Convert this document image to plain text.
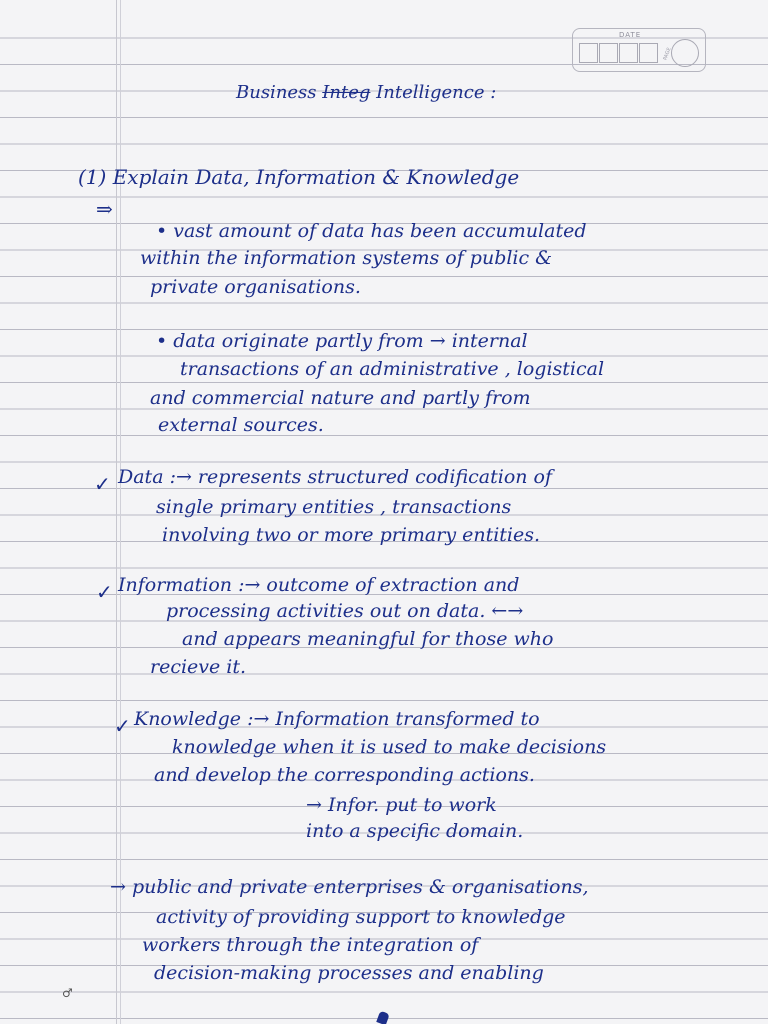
DATE
PAGE
Business Integ Intelligence :
(1) Explain Data, Information & Knowledge
⇒
• vast amount of data has been accumulated
within the information systems of public &
private organisations.
• data originate partly from → internal
transactions of an administrative , logistical
and commercial nature and partly from
external sources.
✓ Data :→ represents structured codification of
single primary entities , transactions
involving two or more primary entities.
✓ Information :→ outcome of extraction and
processing activities out on data. ←→
and appears meaningful for those who
recieve it.
✓ Knowledge :→ Information transformed to
knowledge when it is used to make decisions
and develop the corresponding actions.
→ Infor. put to work
into a specific domain.
→ public and private enterprises & organisations,
activity of providing support to knowledge
workers through the integration of
decision-making processes and enabling
♂
